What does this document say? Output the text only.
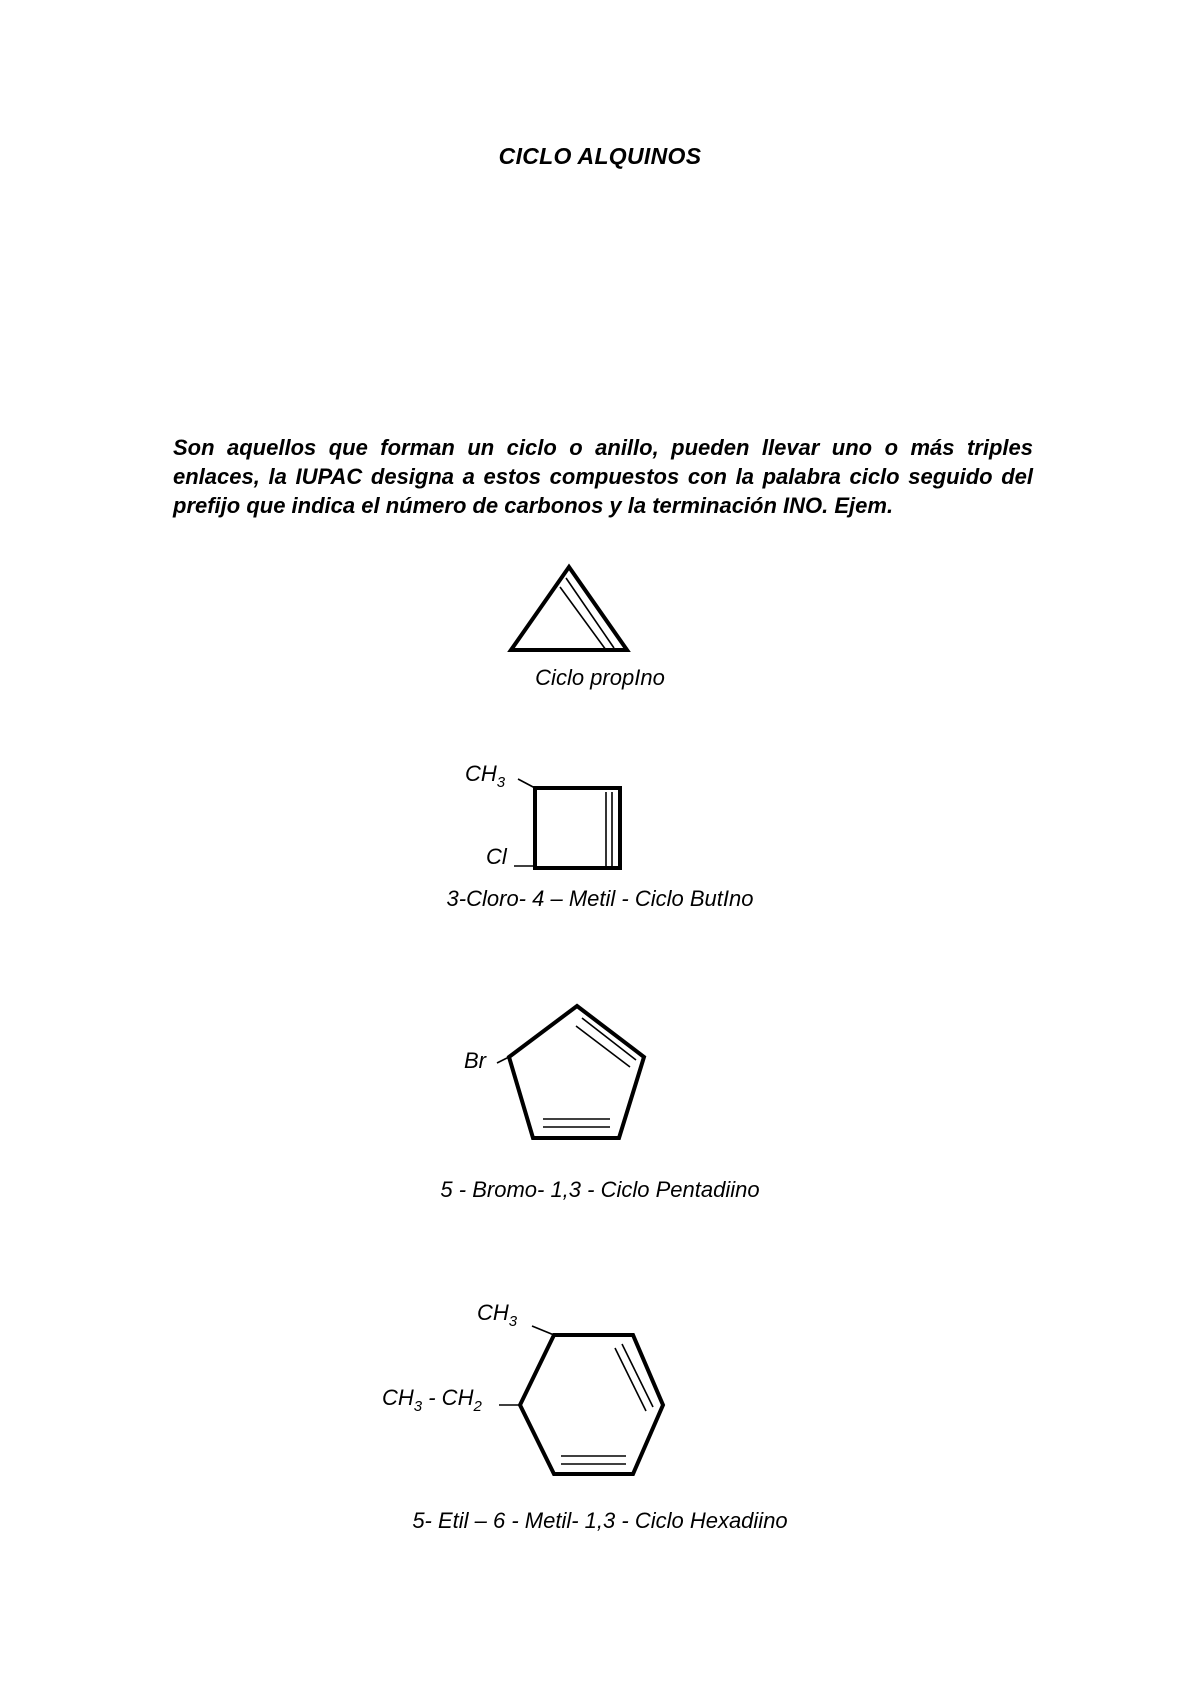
CICLO ALQUINOS

Son aquellos que forman un ciclo o anillo, pueden llevar uno o más triples enlaces, la IUPAC designa a estos compuestos con la palabra ciclo seguido del prefijo que indica el número de carbonos y la terminación INO. Ejem.

Ciclo propIno
$CH_3$
Cl
3-Cloro- 4 – Metil - Ciclo ButIno
Br
5 - Bromo- 1,3 - Ciclo Pentadiino
$CH_3$
$CH_3 - CH_2$
5- Etil – 6 - Metil- 1,3 - Ciclo Hexadiino
